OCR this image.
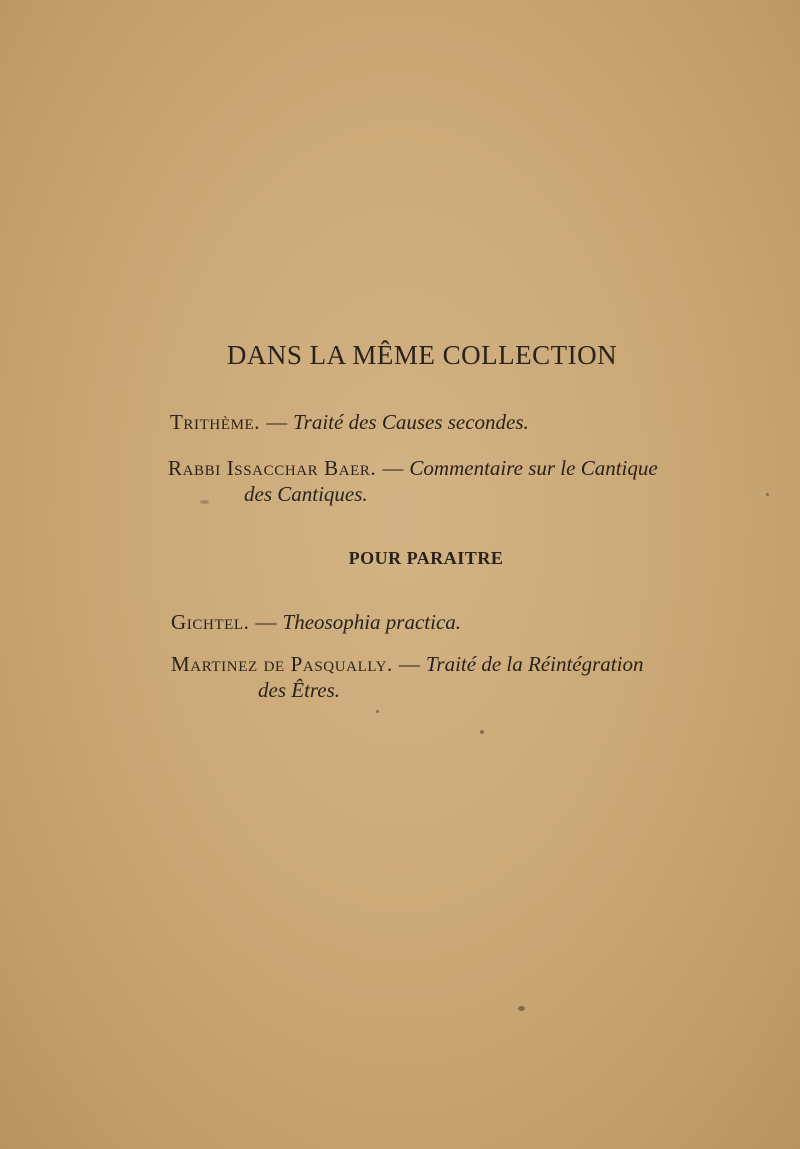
DANS LA MÊME COLLECTION
Trithème. — Traité des Causes secondes.
Rabbi Issacchar Baer. — Commentaire sur le Cantique
des Cantiques.
POUR PARAITRE
Gichtel. — Theosophia practica.
Martinez de Pasqually. — Traité de la Réintégration
des Êtres.
